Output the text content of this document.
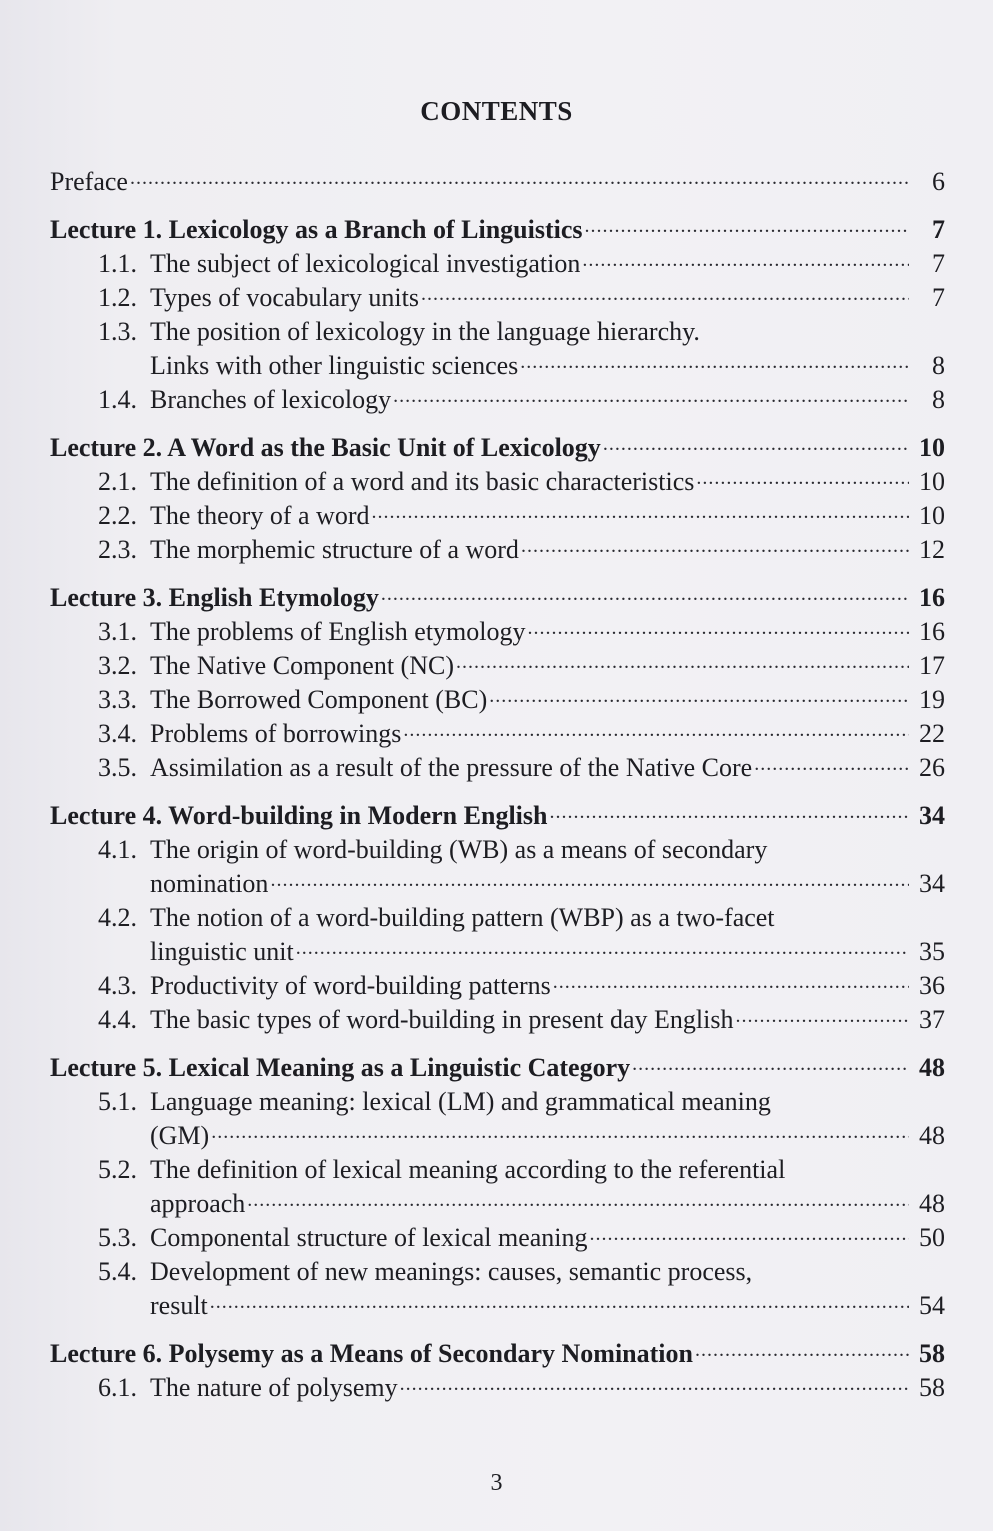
CONTENTS
Preface .....	6
Lecture 1. Lexicology as a Branch of Linguistics .....	7
1.1. The subject of lexicological investigation .....	7
1.2. Types of vocabulary units .....	7
1.3. The position of lexicology in the language hierarchy.
Links with other linguistic sciences .....	8
1.4. Branches of lexicology .....	8
Lecture 2. A Word as the Basic Unit of Lexicology .....	10
2.1. The definition of a word and its basic characteristics .....	10
2.2. The theory of a word .....	10
2.3. The morphemic structure of a word .....	12
Lecture 3. English Etymology .....	16
3.1. The problems of English etymology .....	16
3.2. The Native Component (NC) .....	17
3.3. The Borrowed Component (BC) .....	19
3.4. Problems of borrowings .....	22
3.5. Assimilation as a result of the pressure of the Native Core .....	26
Lecture 4. Word-building in Modern English .....	34
4.1. The origin of word-building (WB) as a means of secondary
nomination .....	34
4.2. The notion of a word-building pattern (WBP) as a two-facet
linguistic unit .....	35
4.3. Productivity of word-building patterns .....	36
4.4. The basic types of word-building in present day English .....	37
Lecture 5. Lexical Meaning as a Linguistic Category .....	48
5.1. Language meaning: lexical (LM) and grammatical meaning
(GM) .....	48
5.2. The definition of lexical meaning according to the referential
approach .....	48
5.3. Componental structure of lexical meaning .....	50
5.4. Development of new meanings: causes, semantic process,
result .....	54
Lecture 6. Polysemy as a Means of Secondary Nomination .....	58
6.1. The nature of polysemy .....	58
3
